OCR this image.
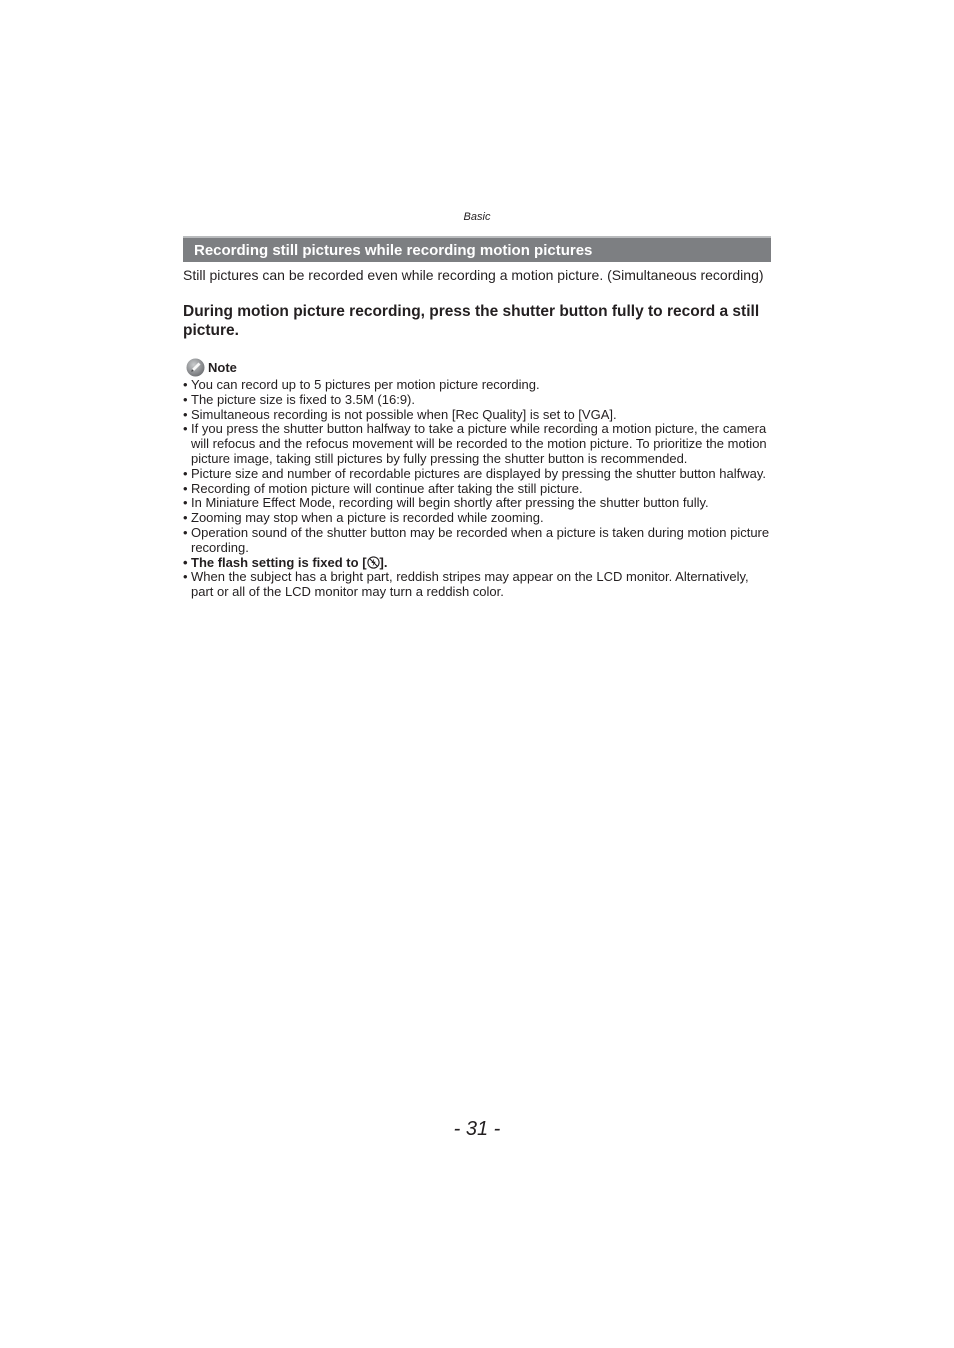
Basic
Recording still pictures while recording motion pictures
Still pictures can be recorded even while recording a motion picture. (Simultaneous recording)
During motion picture recording, press the shutter button fully to record a still picture.
Note
• You can record up to 5 pictures per motion picture recording.
• The picture size is fixed to 3.5M (16:9).
• Simultaneous recording is not possible when [Rec Quality] is set to [VGA].
• If you press the shutter button halfway to take a picture while recording a motion picture, the camera will refocus and the refocus movement will be recorded to the motion picture. To prioritize the motion picture image, taking still pictures by fully pressing the shutter button is recommended.
• Picture size and number of recordable pictures are displayed by pressing the shutter button halfway.
• Recording of motion picture will continue after taking the still picture.
• In Miniature Effect Mode, recording will begin shortly after pressing the shutter button fully.
• Zooming may stop when a picture is recorded while zooming.
• Operation sound of the shutter button may be recorded when a picture is taken during motion picture recording.
• The flash setting is fixed to [ ].
• When the subject has a bright part, reddish stripes may appear on the LCD monitor. Alternatively, part or all of the LCD monitor may turn a reddish color.
- 31 -
